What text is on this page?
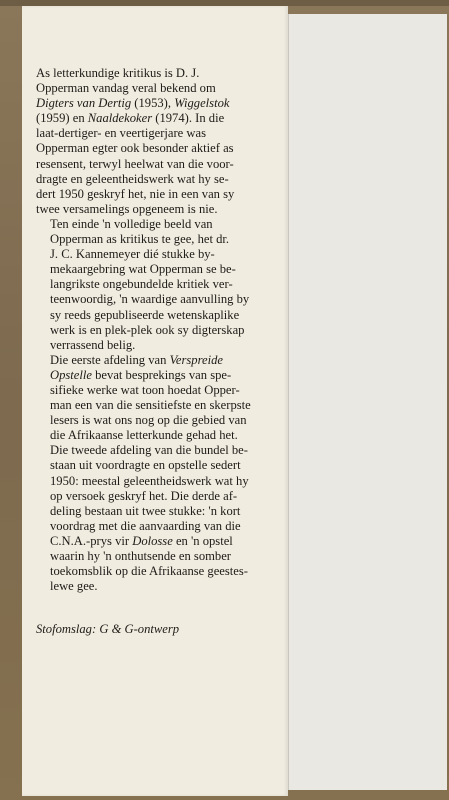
As letterkundige kritikus is D. J.
Opperman vandag veral bekend om
Digters van Dertig (1953), Wiggelstok
(1959) en Naaldekoker (1974). In die
laat-dertiger- en veertigerjare was
Opperman egter ook besonder aktief as
resensent, terwyl heelwat van die voor-
dragte en geleentheidswerk wat hy se-
dert 1950 geskryf het, nie in een van sy
twee versamelings opgeneem is nie.

Ten einde 'n volledige beeld van
Opperman as kritikus te gee, het dr.
J. C. Kannemeyer dié stukke by-
mekaargebring wat Opperman se be-
langrikste ongebundelde kritiek ver-
teenwoordig, 'n waardige aanvulling by
sy reeds gepubliseerde wetenskaplike
werk is en plek-plek ook sy digterskap
verrassend belig.

Die eerste afdeling van Verspreide
Opstelle bevat besprekings van spe-
sifieke werke wat toon hoedat Opper-
man een van die sensitiefste en skerpste
lesers is wat ons nog op die gebied van
die Afrikaanse letterkunde gehad het.
Die tweede afdeling van die bundel be-
staan uit voordragte en opstelle sedert
1950: meestal geleentheidswerk wat hy
op versoek geskryf het. Die derde af-
deling bestaan uit twee stukke: 'n kort
voordrag met die aanvaarding van die
C.N.A.-prys vir Dolosse en 'n opstel
waarin hy 'n onthutsende en somber
toekomsblik op die Afrikaanse geestes-
lewe gee.

Stofomslag: G & G-ontwerp
